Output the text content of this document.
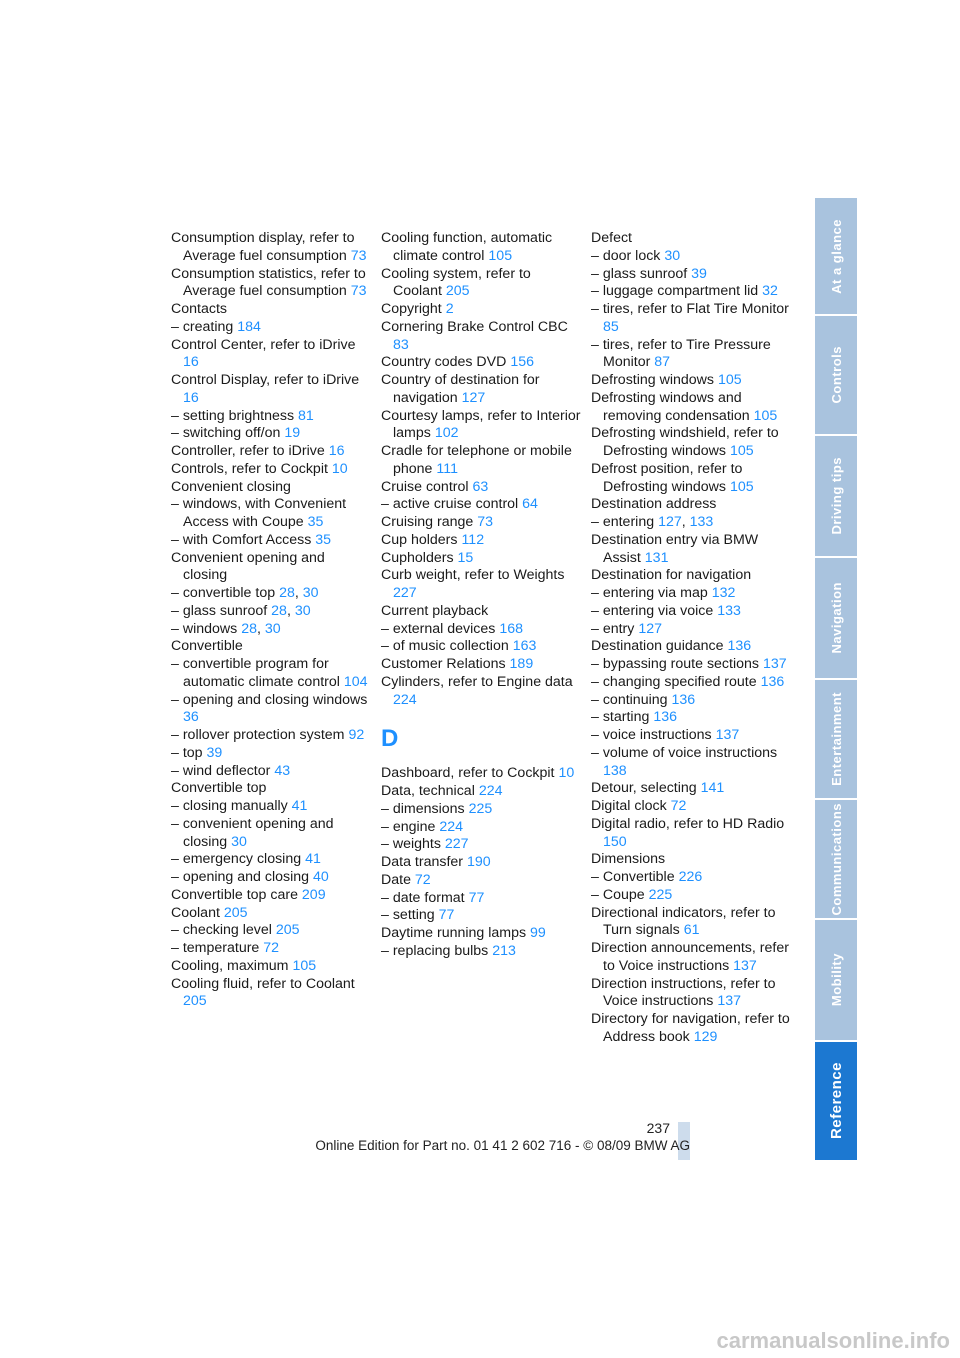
Consumption display, refer to Average fuel consumption 73
Consumption statistics, refer to Average fuel consumption 73
Contacts
– creating 184
Control Center, refer to iDrive 16
Control Display, refer to iDrive 16
– setting brightness 81
– switching off/on 19
Controller, refer to iDrive 16
Controls, refer to Cockpit 10
Convenient closing
– windows, with Convenient Access with Coupe 35
– with Comfort Access 35
Convenient opening and closing
– convertible top 28, 30
– glass sunroof 28, 30
– windows 28, 30
Convertible
– convertible program for automatic climate control 104
– opening and closing windows 36
– rollover protection system 92
– top 39
– wind deflector 43
Convertible top
– closing manually 41
– convenient opening and closing 30
– emergency closing 41
– opening and closing 40
Convertible top care 209
Coolant 205
– checking level 205
– temperature 72
Cooling, maximum 105
Cooling fluid, refer to Coolant 205
Cooling function, automatic climate control 105
Cooling system, refer to Coolant 205
Copyright 2
Cornering Brake Control CBC 83
Country codes DVD 156
Country of destination for navigation 127
Courtesy lamps, refer to Interior lamps 102
Cradle for telephone or mobile phone 111
Cruise control 63
– active cruise control 64
Cruising range 73
Cup holders 112
Cupholders 15
Curb weight, refer to Weights 227
Current playback
– external devices 168
– of music collection 163
Customer Relations 189
Cylinders, refer to Engine data 224
D
Dashboard, refer to Cockpit 10
Data, technical 224
– dimensions 225
– engine 224
– weights 227
Data transfer 190
Date 72
– date format 77
– setting 77
Daytime running lamps 99
– replacing bulbs 213
Defect
– door lock 30
– glass sunroof 39
– luggage compartment lid 32
– tires, refer to Flat Tire Monitor 85
– tires, refer to Tire Pressure Monitor 87
Defrosting windows 105
Defrosting windows and removing condensation 105
Defrosting windshield, refer to Defrosting windows 105
Defrost position, refer to Defrosting windows 105
Destination address
– entering 127, 133
Destination entry via BMW Assist 131
Destination for navigation
– entering via map 132
– entering via voice 133
– entry 127
Destination guidance 136
– bypassing route sections 137
– changing specified route 136
– continuing 136
– starting 136
– voice instructions 137
– volume of voice instructions 138
Detour, selecting 141
Digital clock 72
Digital radio, refer to HD Radio 150
Dimensions
– Convertible 226
– Coupe 225
Directional indicators, refer to Turn signals 61
Direction announcements, refer to Voice instructions 137
Direction instructions, refer to Voice instructions 137
Directory for navigation, refer to Address book 129
At a glance
Controls
Driving tips
Navigation
Entertainment
Communications
Mobility
Reference
237
Online Edition for Part no. 01 41 2 602 716 - © 08/09 BMW AG
carmanualsonline.info
